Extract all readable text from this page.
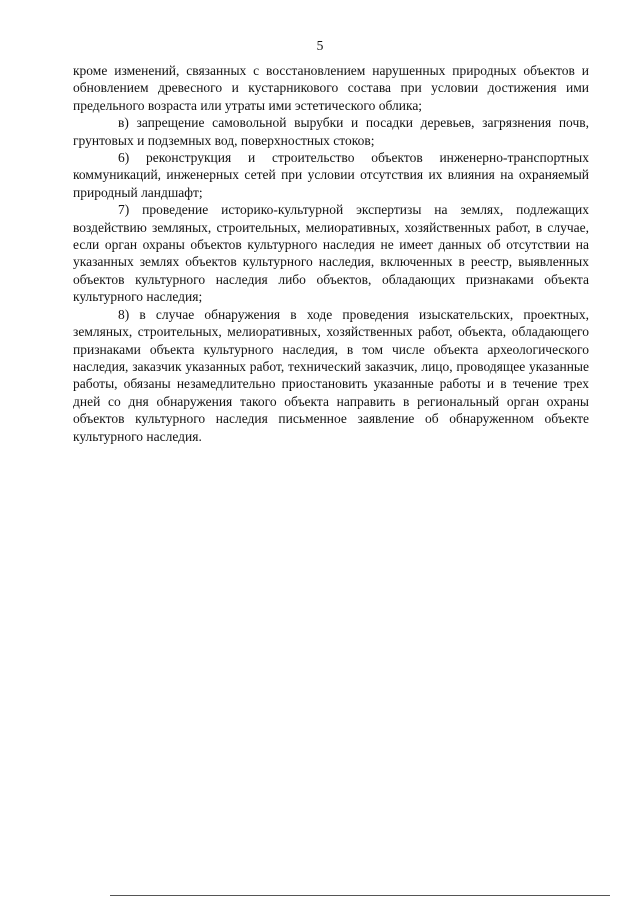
5

кроме изменений, связанных с восстановлением нарушенных природных объектов и обновлением древесного и кустарникового состава при условии достижения ими предельного возраста или утраты ими эстетического облика;

в) запрещение самовольной вырубки и посадки деревьев, загрязнения почв, грунтовых и подземных вод, поверхностных стоков;

6) реконструкция и строительство объектов инженерно-транспортных коммуникаций, инженерных сетей при условии отсутствия их влияния на охраняемый природный ландшафт;

7) проведение историко-культурной экспертизы на землях, подлежащих воздействию земляных, строительных, мелиоративных, хозяйственных работ, в случае, если орган охраны объектов культурного наследия не имеет данных об отсутствии на указанных землях объектов культурного наследия, включенных в реестр, выявленных объектов культурного наследия либо объектов, обладающих признаками объекта культурного наследия;

8) в случае обнаружения в ходе проведения изыскательских, проектных, земляных, строительных, мелиоративных, хозяйственных работ, объекта, обладающего признаками объекта культурного наследия, в том числе объекта археологического наследия, заказчик указанных работ, технический заказчик, лицо, проводящее указанные работы, обязаны незамедлительно приостановить указанные работы и в течение трех дней со дня обнаружения такого объекта направить в региональный орган охраны объектов культурного наследия письменное заявление об обнаруженном объекте культурного наследия.
